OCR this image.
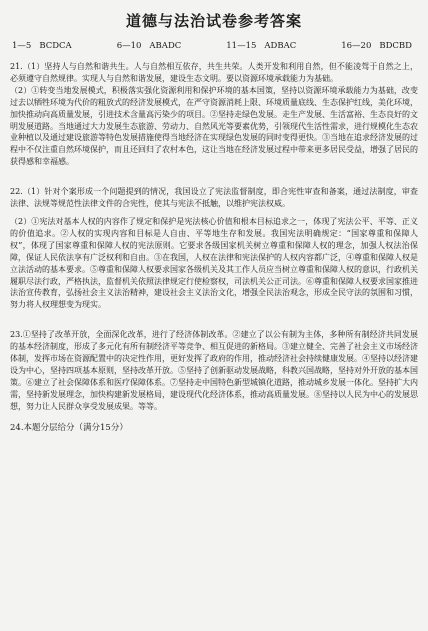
道德与法治试卷参考答案
1—5 BCDCA	6—10 ABADC	11—15 ADBAC	16—20 BDCBD

21.（1）坚持人与自然和谐共生。人与自然相互依存，共生共荣。人类开发和利用自然，但不能凌驾于自然之上，必须遵守自然规律。实现人与自然和谐发展，建设生态文明。要以资源环境承载能力为基础。

（2）①转变当地发展模式，积极落实强化资源利用和保护环境的基本国策，坚持以资源环境承载能力为基础，改变过去以牺牲环境为代价的粗放式的经济发展模式，在严守资源消耗上限、环境质量底线、生态保护红线，美化环境，加快推动向高质量发展，引进技术含量高污染少的项目。②坚持走绿色发展。走生产发展、生活富裕、生态良好的文明发展道路。当地通过大力发展生态旅游、劳动力、自然风光等要素优势，引领现代生活性需求，进行规模化生态农业种植以及通过建设旅游等特色发展措施使得当地经济在实现绿色发展的同时变得更快。③当地在追求经济发展的过程中不仅注重自然环境保护，而且还回归了农村本色，这让当地在经济发展过程中带来更多居民受益，增强了居民的获得感和幸福感。

22.（1）针对个案形成一个问题提到的情况，我国设立了宪法监督制度，即合宪性审查和备案，通过法制度，审查法律、法规等规范性法律文件的合宪性，使其与宪法不抵触，以维护宪法权威。

（2）①宪法对基本人权的内容作了规定和保护是宪法核心价值和根本目标追求之一，体现了宪法公平、平等、正义的价值追求。②人权的实现内容和目标是人自由、平等地生存和发展。我国宪法明确规定：“国家尊重和保障人权”，体现了国家尊重和保障人权的宪法原则。它要求各级国家机关树立尊重和保障人权的理念，加强人权法治保障，保证人民依法享有广泛权利和自由。③在我国，人权在法律和宪法保护的人权内容都广泛，④尊重和保障人权是立法活动的基本要求。⑤尊重和保障人权要求国家各级机关及其工作人员应当树立尊重和保障人权的意识，行政机关履职尽法行政，严格执法，监督机关依照法律规定行使检察权，司法机关公正司法。⑥尊重和保障人权要求国家推进法治宣传教育，弘扬社会主义法治精神，建设社会主义法治文化，增强全民法治观念，形成全民守法的氛围和习惯，努力将人权理想变为现实。

23.①坚持了改革开放，全面深化改革，进行了经济体制改革。②建立了以公有制为主体，多种所有制经济共同发展的基本经济制度，形成了多元化有所有制经济平等竞争、相互促进的新格局。③建立健全、完善了社会主义市场经济体制，发挥市场在资源配置中的决定性作用，更好发挥了政府的作用，推动经济社会持续健康发展。④坚持以经济建设为中心，坚持四项基本原则，坚持改革开放。⑤坚持了创新驱动发展战略，科教兴国战略，坚持对外开放的基本国策。⑥建立了社会保障体系和医疗保障体系。⑦坚持走中国特色新型城镇化道路，推动城乡发展一体化。坚持扩大内需，坚持新发展理念，加快构建新发展格局，建设现代化经济体系，推动高质量发展。⑧坚持以人民为中心的发展思想，努力让人民群众享受发展成果。等等。

24.本题分层给分（满分15分）
